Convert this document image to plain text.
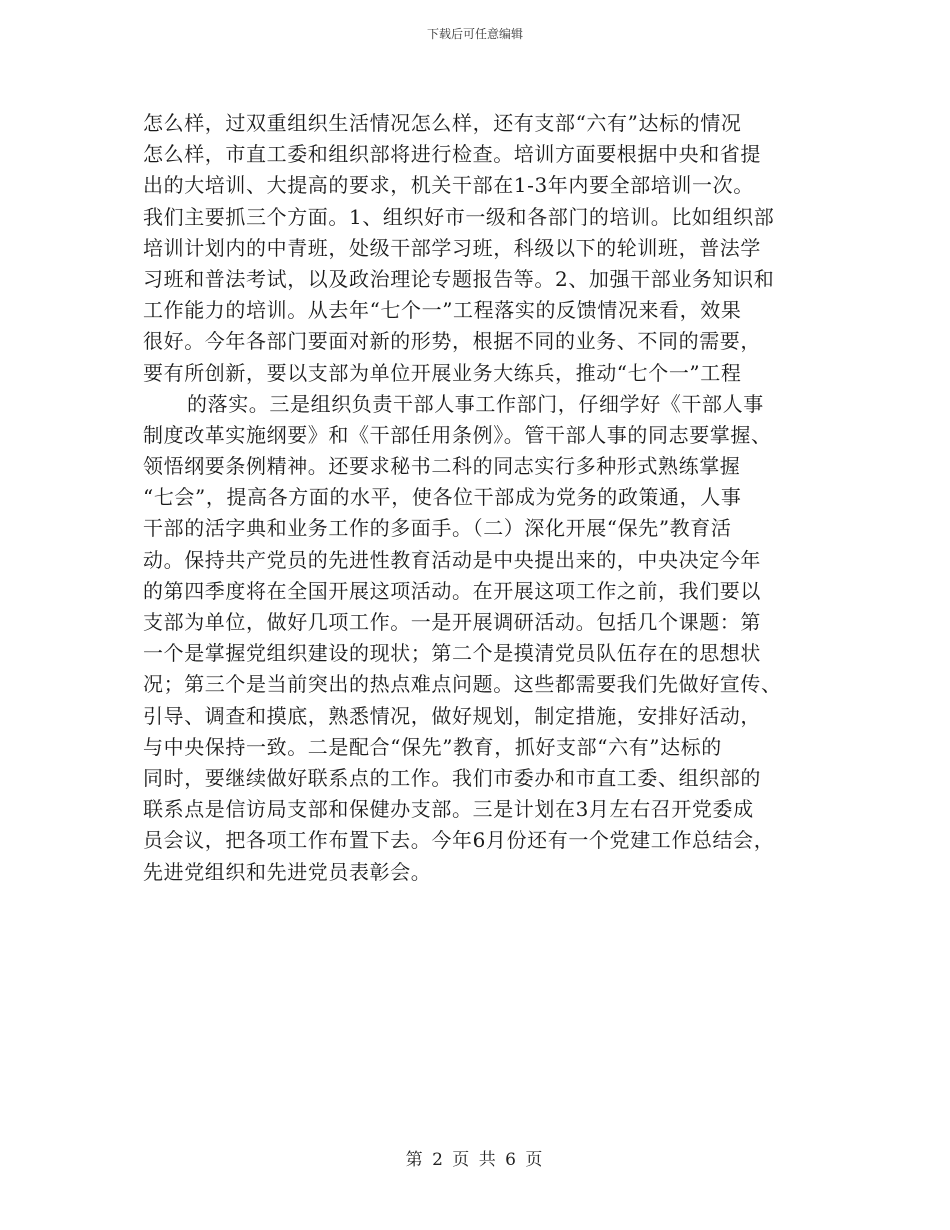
下载后可任意编辑
怎么样，过双重组织生活情况怎么样，还有支部“六有”达标的情况
怎么样，市直工委和组织部将进行检查。培训方面要根据中央和省提
出的大培训、大提高的要求，机关干部在1-3年内要全部培训一次。
我们主要抓三个方面。1、组织好市一级和各部门的培训。比如组织部
培训计划内的中青班，处级干部学习班，科级以下的轮训班，普法学
习班和普法考试，以及政治理论专题报告等。2、加强干部业务知识和
工作能力的培训。从去年“七个一”工程落实的反馈情况来看，效果
很好。今年各部门要面对新的形势，根据不同的业务、不同的需要，
要有所创新，要以支部为单位开展业务大练兵，推动“七个一”工程
的落实。三是组织负责干部人事工作部门，仔细学好《干部人事
制度改革实施纲要》和《干部任用条例》。管干部人事的同志要掌握、
领悟纲要条例精神。还要求秘书二科的同志实行多种形式熟练掌握
“七会”，提高各方面的水平，使各位干部成为党务的政策通，人事
干部的活字典和业务工作的多面手。（二）深化开展“保先”教育活
动。保持共产党员的先进性教育活动是中央提出来的，中央决定今年
的第四季度将在全国开展这项活动。在开展这项工作之前，我们要以
支部为单位，做好几项工作。一是开展调研活动。包括几个课题：第
一个是掌握党组织建设的现状；第二个是摸清党员队伍存在的思想状
况；第三个是当前突出的热点难点问题。这些都需要我们先做好宣传、
引导、调查和摸底，熟悉情况，做好规划，制定措施，安排好活动，
与中央保持一致。二是配合“保先”教育，抓好支部“六有”达标的
同时，要继续做好联系点的工作。我们市委办和市直工委、组织部的
联系点是信访局支部和保健办支部。三是计划在3月左右召开党委成
员会议，把各项工作布置下去。今年6月份还有一个党建工作总结会，
先进党组织和先进党员表彰会。
第 2 页 共 6 页
